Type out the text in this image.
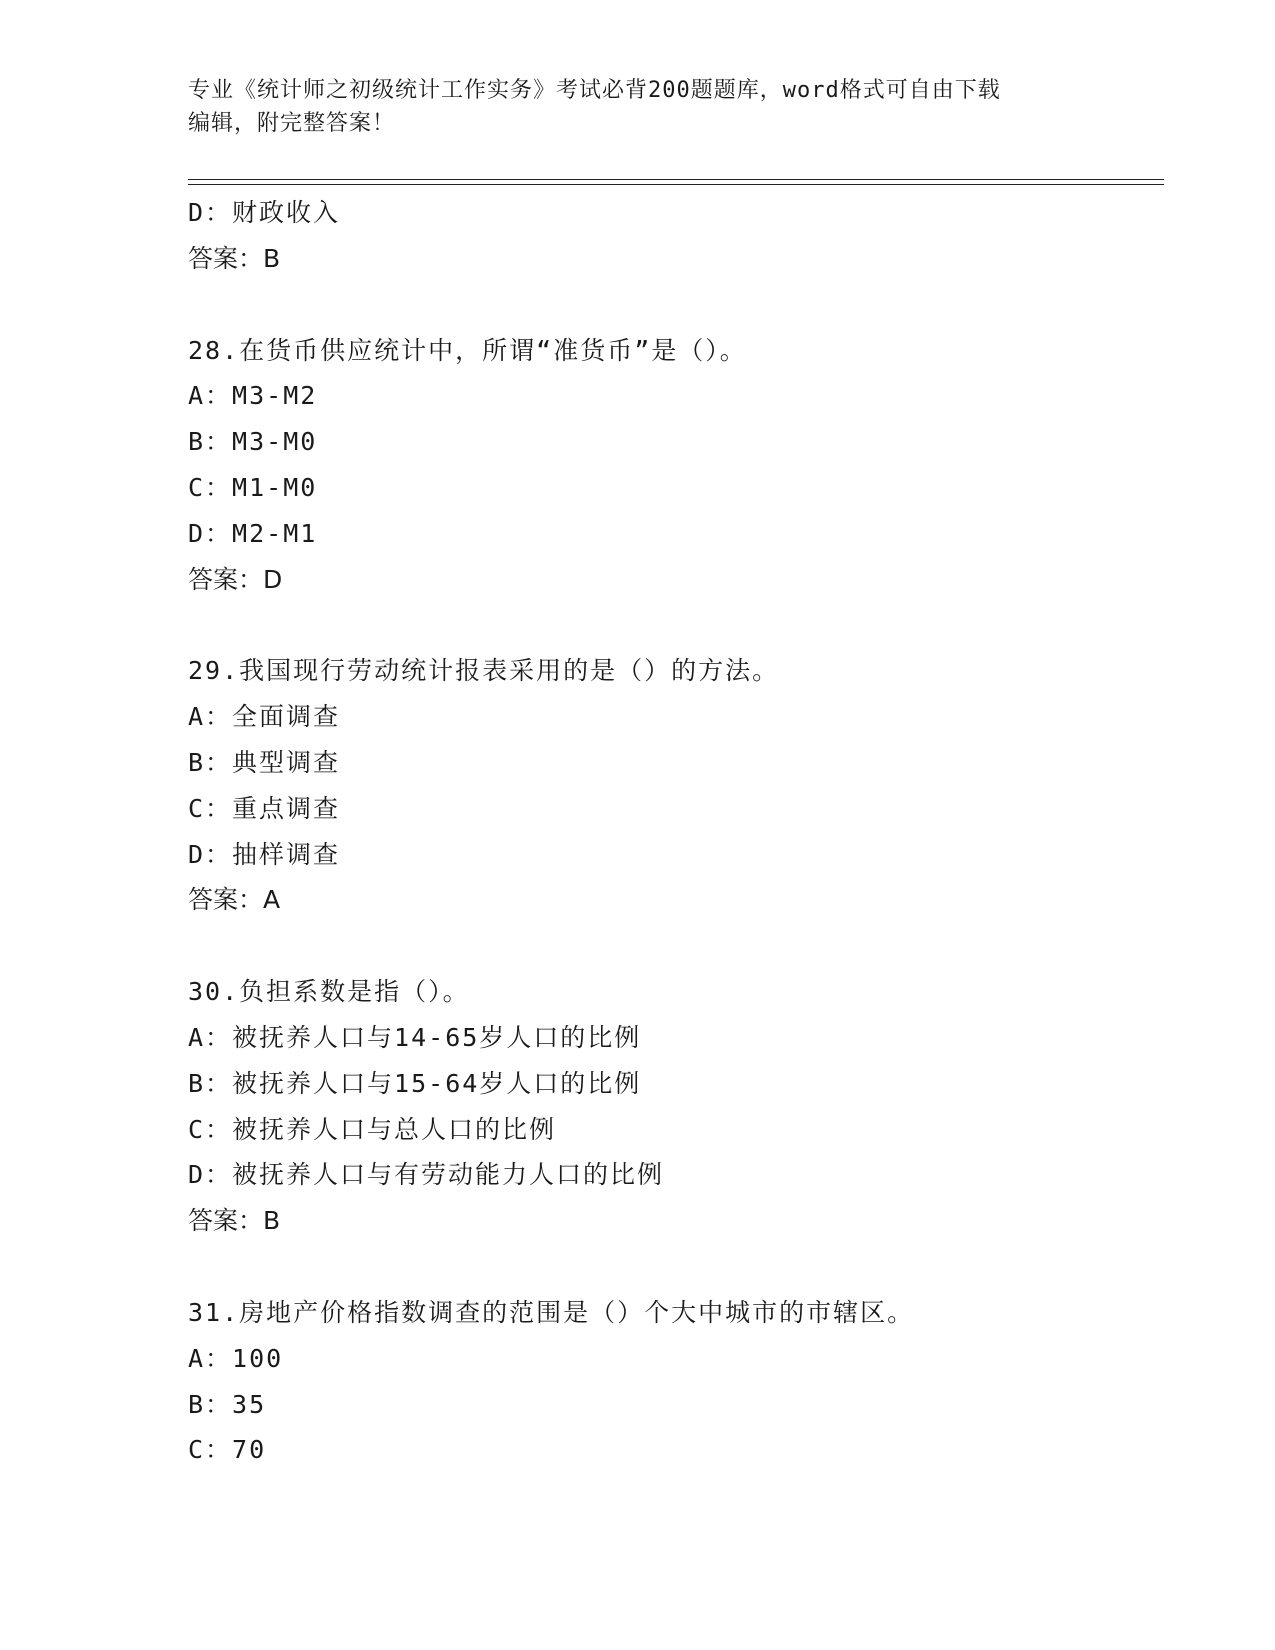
专业《统计师之初级统计工作实务》考试必背200题题库，word格式可自由下载
编辑，附完整答案！
D：财政收入
答案：B
28.在货币供应统计中，所谓“准货币”是（）。
A：M3-M2
B：M3-M0
C：M1-M0
D：M2-M1
答案：D
29.我国现行劳动统计报表采用的是（）的方法。
A：全面调查
B：典型调查
C：重点调查
D：抽样调查
答案：A
30.负担系数是指（）。
A：被抚养人口与14-65岁人口的比例
B：被抚养人口与15-64岁人口的比例
C：被抚养人口与总人口的比例
D：被抚养人口与有劳动能力人口的比例
答案：B
31.房地产价格指数调查的范围是（）个大中城市的市辖区。
A：100
B：35
C：70
